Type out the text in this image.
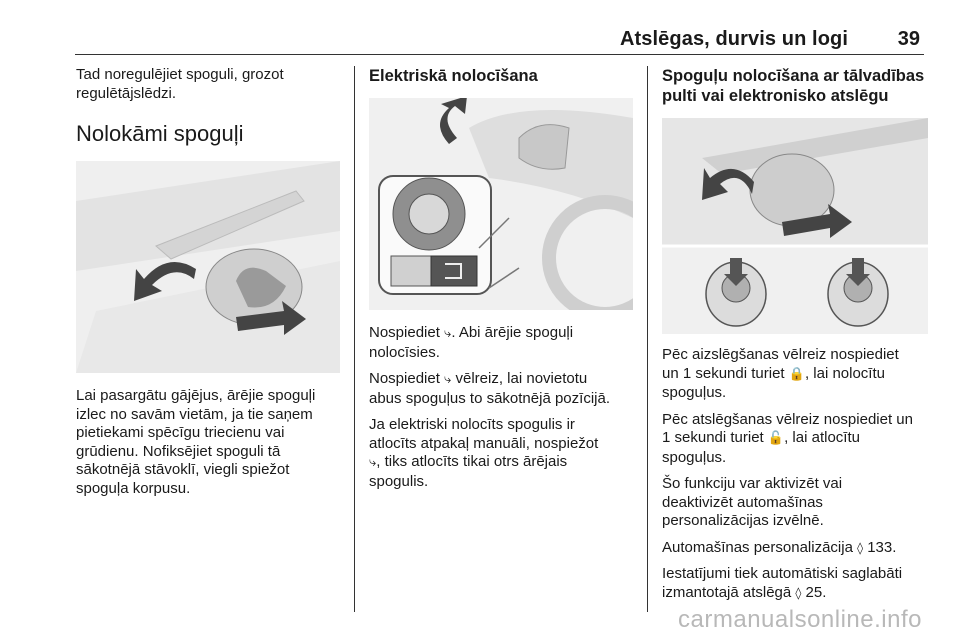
Atslēgas, durvis un logi 39

Tad noregulējiet spoguli, grozot
regulētājslēdzi.

Nolokāmi spoguļi

Lai pasargātu gājējus, ārējie spoguļi
izlec no savām vietām, ja tie saņem
pietiekami spēcīgu triecienu vai
grūdienu. Nofiksējiet spoguli tā
sākotnējā stāvoklī, viegli spiežot
spoguļa korpusu.

Elektriskā nolocīšana

Nospiediet ⤷. Abi ārējie spoguļi
nolocīsies.

Nospiediet ⤷ vēlreiz, lai novietotu
abus spoguļus to sākotnējā pozīcijā.

Ja elektriski nolocīts spogulis ir
atlocīts atpakaļ manuāli, nospiežot
⤷, tiks atlocīts tikai otrs ārējais
spogulis.

Spoguļu nolocīšana ar tālvadības
pulti vai elektronisko atslēgu

Pēc aizslēgšanas vēlreiz nospiediet
un 1 sekundi turiet 🔒, lai nolocītu
spoguļus.

Pēc atslēgšanas vēlreiz nospiediet un
1 sekundi turiet 🔓, lai atlocītu
spoguļus.

Šo funkciju var aktivizēt vai
deaktivizēt automašīnas
personalizācijas izvēlnē.

Automašīnas personalizācija ◊ 133.

Iestatījumi tiek automātiski saglabāti
izmantotajā atslēgā ◊ 25.

carmanualsonline.info
